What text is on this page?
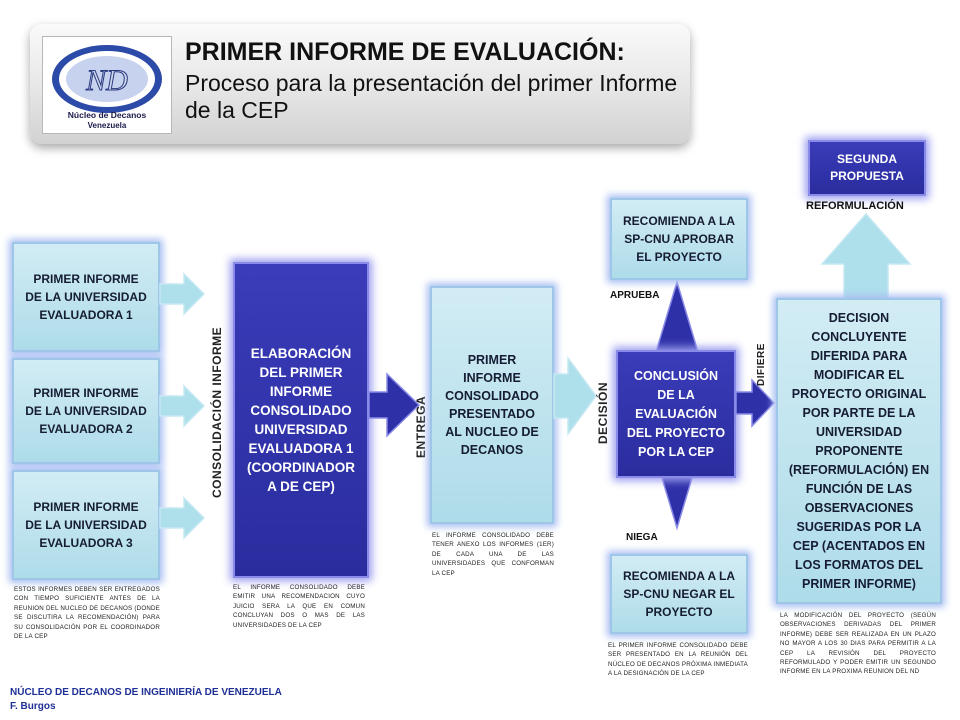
ND
Núcleo de Decanos
Venezuela
PRIMER INFORME DE EVALUACIÓN:
Proceso para la presentación del primer Informe de la CEP
PRIMER INFORME DE LA UNIVERSIDAD EVALUADORA 1
PRIMER INFORME DE LA UNIVERSIDAD EVALUADORA 2
PRIMER INFORME DE LA UNIVERSIDAD EVALUADORA 3
ESTOS INFORMES DEBEN SER ENTREGADOS CON TIEMPO SUFICIENTE ANTES DE LA REUNION DEL NUCLEO DE DECANOS (DONDE SE DISCUTIRA LA RECOMENDACIÓN) PARA SU CONSOLIDACIÓN POR EL COORDINADOR DE LA CEP
CONSOLIDACIÓN INFORME	ELABORACIÓN DEL PRIMER INFORME CONSOLIDADO UNIVERSIDAD EVALUADORA 1 (COORDINADOR A DE CEP)
EL INFORME CONSOLIDADO DEBE EMITIR UNA RECOMENDACION CUYO JUICIO SERA LA QUE EN COMUN CONCLUYAN DOS O MAS DE LAS UNIVERSIDADES DE LA CEP
ENTREGA
PRIMER INFORME CONSOLIDADO PRESENTADO AL NUCLEO DE DECANOS
EL INFORME CONSOLIDADO DEBE TENER ANEXO LOS INFORMES (1ER) DE CADA UNA DE LAS UNIVERSIDADES QUE CONFORMAN LA CEP
DECISIÓN
CONCLUSIÓN DE LA EVALUACIÓN DEL PROYECTO POR LA CEP
APRUEBA
NIEGA
DIFIERE
RECOMIENDA A LA SP-CNU APROBAR EL PROYECTO
RECOMIENDA A LA SP-CNU NEGAR EL PROYECTO
EL PRIMER INFORME CONSOLIDADO DEBE SER PRESENTADO EN LA REUNIÓN DEL NÚCLEO DE DECANOS PRÓXIMA INMEDIATA A LA DESIGNACIÓN DE LA CEP
SEGUNDA PROPUESTA
REFORMULACIÓN
DECISION CONCLUYENTE DIFERIDA PARA MODIFICAR EL PROYECTO ORIGINAL POR PARTE DE LA UNIVERSIDAD PROPONENTE (REFORMULACIÓN) EN FUNCIÓN DE LAS OBSERVACIONES SUGERIDAS POR LA CEP (ACENTADOS EN LOS FORMATOS DEL PRIMER INFORME)
LA MODIFICACIÓN DEL PROYECTO (SEGÚN OBSERVACIONES DERIVADAS DEL PRIMER INFORME) DEBE SER REALIZADA EN UN PLAZO NO MAYOR A LOS 30 DIAS PARA PERMITIR A LA CEP LA REVISIÓN DEL PROYECTO REFORMULADO Y PODER EMITIR UN SEGUNDO INFORME EN LA PROXIMA REUNION DEL ND
NÚCLEO DE DECANOS DE INGEINIERÍA DE VENEZUELA
F. Burgos
